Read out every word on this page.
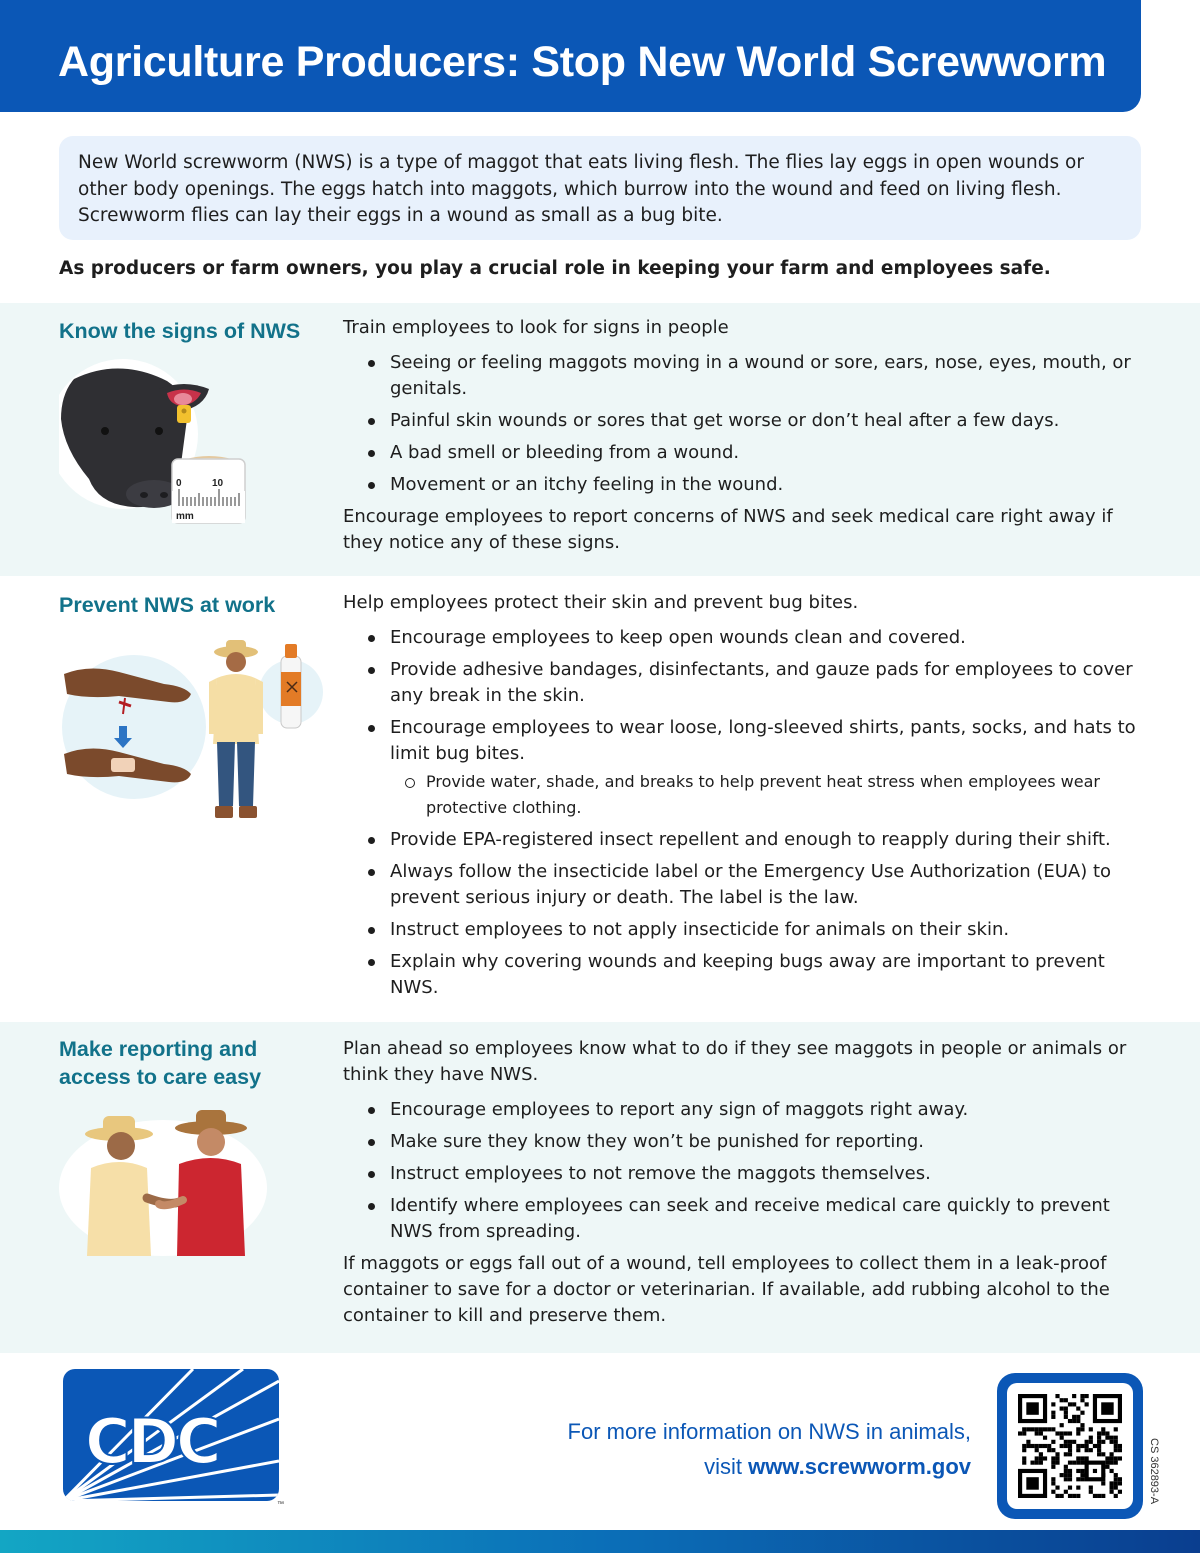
Agriculture Producers: Stop New World Screwworm

New World screwworm (NWS) is a type of maggot that eats living flesh. The flies lay eggs in open wounds or other body openings. The eggs hatch into maggots, which burrow into the wound and feed on living flesh. Screwworm flies can lay their eggs in a wound as small as a bug bite.

As producers or farm owners, you play a crucial role in keeping your farm and employees safe.
Know the signs of NWS
0	10
mm

Train employees to look for signs in people

Seeing or feeling maggots moving in a wound or sore, ears, nose, eyes, mouth, or genitals.
Painful skin wounds or sores that get worse or don’t heal after a few days.
A bad smell or bleeding from a wound.
Movement or an itchy feeling in the wound.

Encourage employees to report concerns of NWS and seek medical care right away if they notice any of these signs.

Prevent NWS at work	Help employees protect their skin and prevent bug bites.

Encourage employees to keep open wounds clean and covered.
Provide adhesive bandages, disinfectants, and gauze pads for employees to cover any break in the skin.
Encourage employees to wear loose, long-sleeved shirts, pants, socks, and hats to limit bug bites.
Provide water, shade, and breaks to help prevent heat stress when employees wear protective clothing.
Provide EPA-registered insect repellent and enough to reapply during their shift.
Always follow the insecticide label or the Emergency Use Authorization (EUA) to prevent serious injury or death. The label is the law.
Instruct employees to not apply insecticide for animals on their skin.
Explain why covering wounds and keeping bugs away are important to prevent NWS.
Make reporting and access to care easy

Plan ahead so employees know what to do if they see maggots in people or animals or think they have NWS.

Encourage employees to report any sign of maggots right away.
Make sure they know they won’t be punished for reporting.
Instruct employees to not remove the maggots themselves.
Identify where employees can seek and receive medical care quickly to prevent NWS from spreading.

If maggots or eggs fall out of a wound, tell employees to collect them in a leak-proof container to save for a doctor or veterinarian. If available, add rubbing alcohol to the container to kill and preserve them.

CDC
™
For more information on NWS in animals,
visit www.screwworm.gov	CS 362893-A
